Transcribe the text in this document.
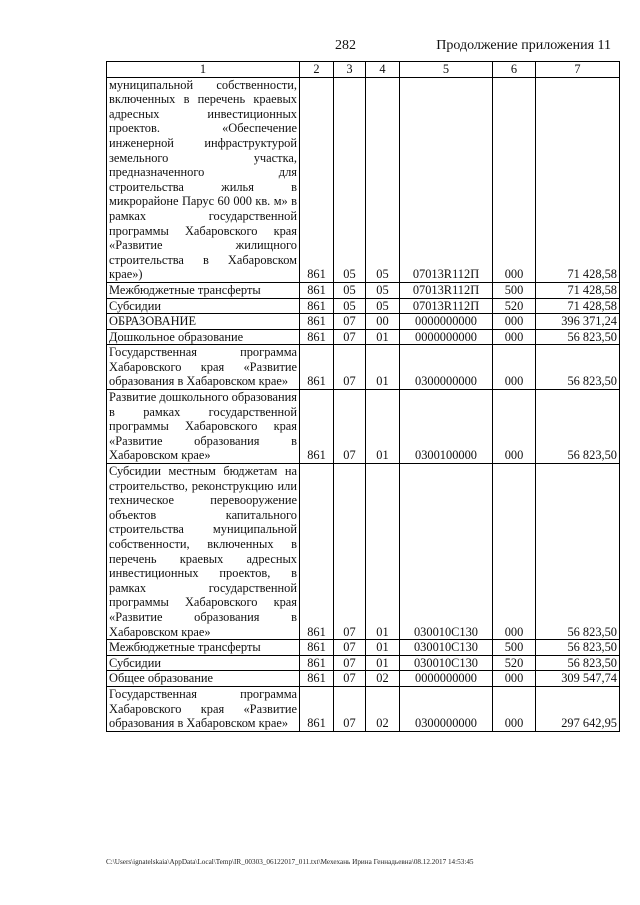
282	Продолжение приложения 11
1	2	3	4	5	6	7
муниципальной собственности, включенных в перечень краевых адресных инвестиционных проектов. «Обеспечение инженерной инфраструктурой земельного участка, предназначенного для строительства жилья в микрорайоне Парус 60 000 кв. м» в рамках государственной программы Хабаровского края «Развитие жилищного строительства в Хабаровском крае»)	861	05	05	07013R112П	000	71 428,58
Межбюджетные трансферты	861	05	05	07013R112П	500	71 428,58
Субсидии	861	05	05	07013R112П	520	71 428,58
ОБРАЗОВАНИЕ	861	07	00	0000000000	000	396 371,24
Дошкольное образование	861	07	01	0000000000	000	56 823,50
Государственная программа Хабаровского края «Развитие образования в Хабаровском крае»	861	07	01	0300000000	000	56 823,50
Развитие дошкольного образования в рамках государственной программы Хабаровского края «Развитие образования в Хабаровском крае»	861	07	01	0300100000	000	56 823,50
Субсидии местным бюджетам на строительство, реконструкцию или техническое перевооружение объектов капитального строительства муниципальной собственности, включенных в перечень краевых адресных инвестиционных проектов, в рамках государственной программы Хабаровского края «Развитие образования в Хабаровском крае»	861	07	01	030010С130	000	56 823,50
Межбюджетные трансферты	861	07	01	030010С130	500	56 823,50
Субсидии	861	07	01	030010С130	520	56 823,50
Общее образование	861	07	02	0000000000	000	309 547,74
Государственная программа Хабаровского края «Развитие образования в Хабаровском крае»	861	07	02	0300000000	000	297 642,95
C:\Users\ignatelskaia\AppData\Local\Temp\IR_00303_06122017_011.txt\Мехехань Ирина Геннадьевна\08.12.2017 14:53:45
